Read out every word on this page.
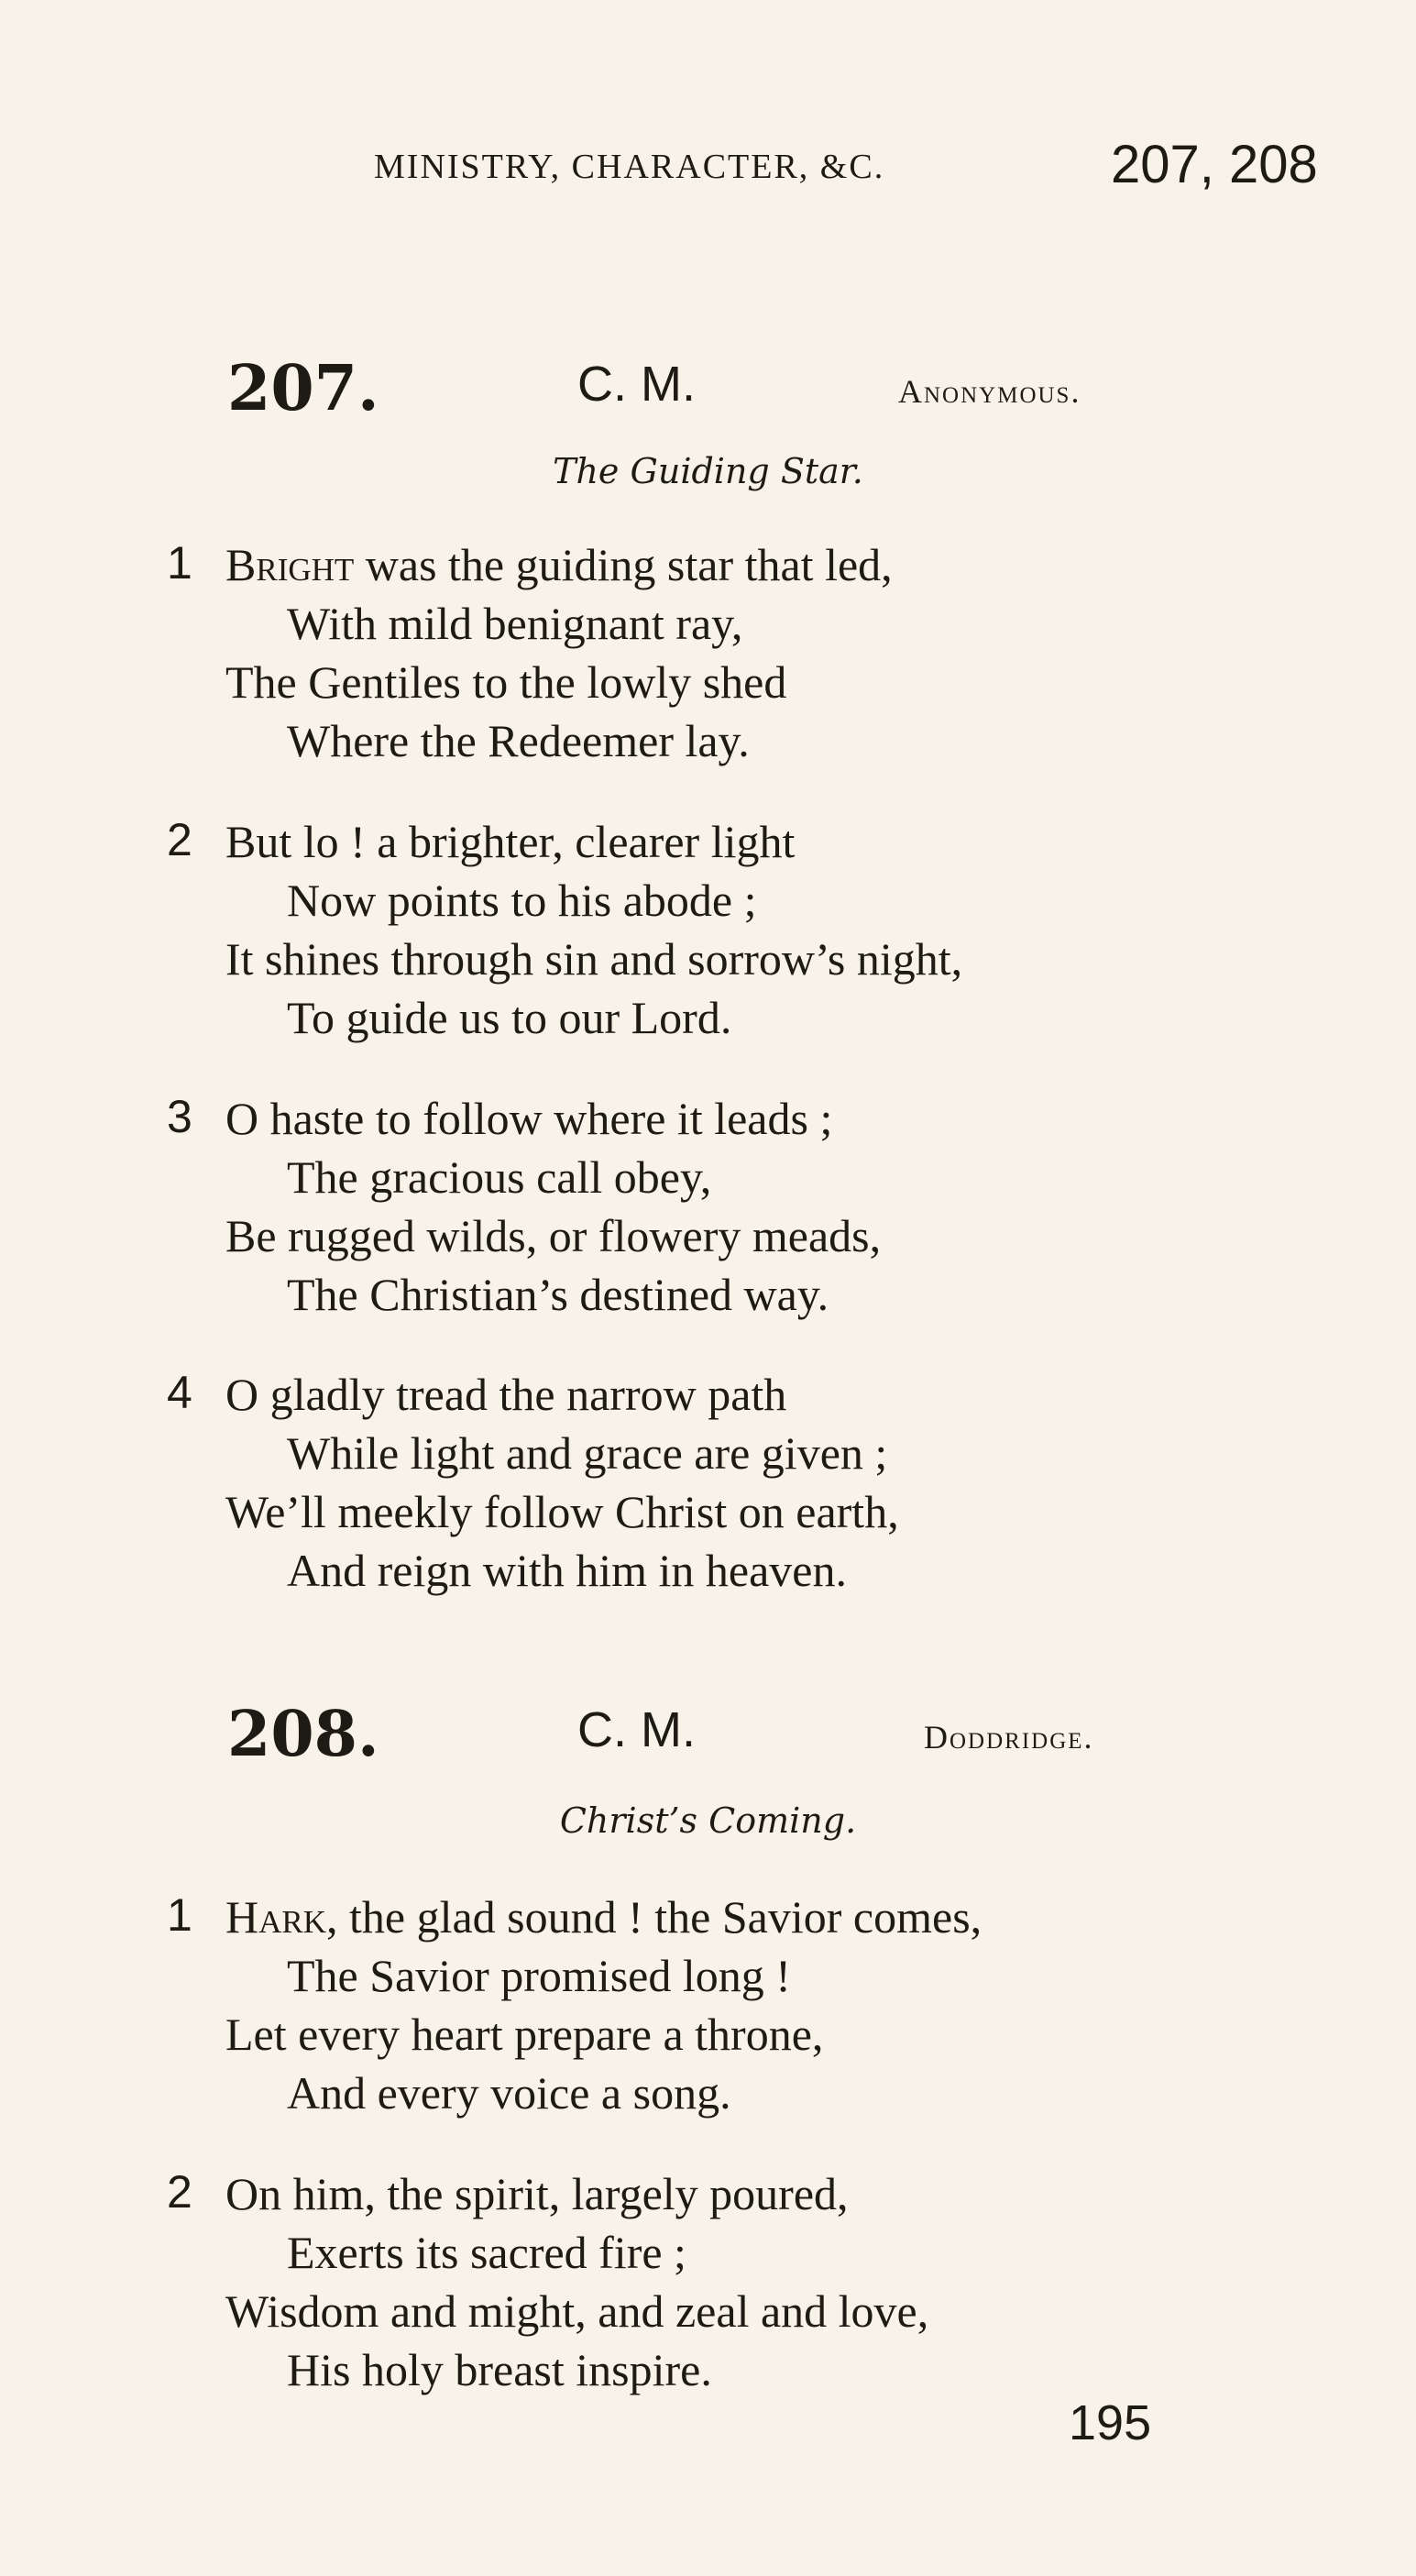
MINISTRY, CHARACTER, &C.	207, 208
207.	C. M.	Anonymous.
The Guiding Star.
1 Bright was the guiding star that led,
With mild benignant ray,
The Gentiles to the lowly shed
Where the Redeemer lay.
2 But lo ! a brighter, clearer light
Now points to his abode ;
It shines through sin and sorrow’s night,
To guide us to our Lord.
3 O haste to follow where it leads ;
The gracious call obey,
Be rugged wilds, or flowery meads,
The Christian’s destined way.
4 O gladly tread the narrow path
While light and grace are given ;
We’ll meekly follow Christ on earth,
And reign with him in heaven.
208.	C. M.	Doddridge.
Christ’s Coming.
1 Hark, the glad sound ! the Savior comes,
The Savior promised long !
Let every heart prepare a throne,
And every voice a song.
2 On him, the spirit, largely poured,
Exerts its sacred fire ;
Wisdom and might, and zeal and love,
His holy breast inspire.
195
